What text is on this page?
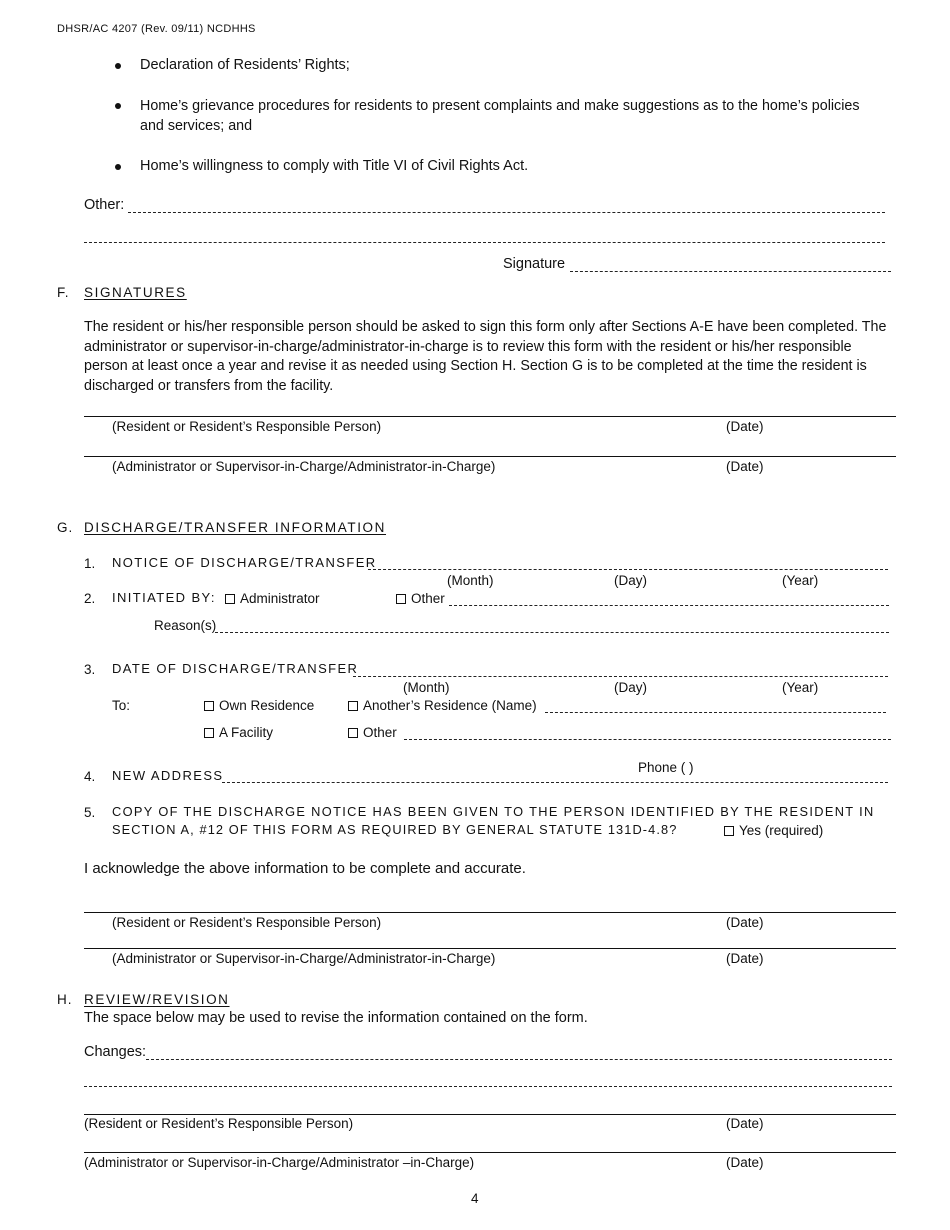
DHSR/AC 4207 (Rev. 09/11) NCDHHS
Declaration of Residents’ Rights;
Home’s grievance procedures for residents to present complaints and make suggestions as to the home’s policies and services; and
Home’s willingness to comply with Title VI of Civil Rights Act.
Other:
Signature
F. SIGNATURES
The resident or his/her responsible person should be asked to sign this form only after Sections A-E have been completed. The administrator or supervisor-in-charge/administrator-in-charge is to review this form with the resident or his/her responsible person at least once a year and revise it as needed using Section H. Section G is to be completed at the time the resident is discharged or transfers from the facility.
(Resident or Resident’s Responsible Person)	(Date)
(Administrator or Supervisor-in-Charge/Administrator-in-Charge)	(Date)
G. DISCHARGE/TRANSFER INFORMATION
1. NOTICE OF DISCHARGE/TRANSFER
(Month)	(Day)	(Year)
2. INITIATED BY:	Administrator	Other
Reason(s)
3. DATE OF DISCHARGE/TRANSFER
(Month)	(Day)	(Year)
To:	Own Residence	Another’s Residence (Name)
A Facility	Other
Phone ( )
4. NEW ADDRESS
5. COPY OF THE DISCHARGE NOTICE HAS BEEN GIVEN TO THE PERSON IDENTIFIED BY THE RESIDENT IN
SECTION A, #12 OF THIS FORM AS REQUIRED BY GENERAL STATUTE 131D-4.8?	Yes (required)
I acknowledge the above information to be complete and accurate.
(Resident or Resident’s Responsible Person)	(Date)
(Administrator or Supervisor-in-Charge/Administrator-in-Charge)	(Date)
H. REVIEW/REVISION
The space below may be used to revise the information contained on the form.
Changes:
(Resident or Resident’s Responsible Person)	(Date)
(Administrator or Supervisor-in-Charge/Administrator –in-Charge)	(Date)
4
